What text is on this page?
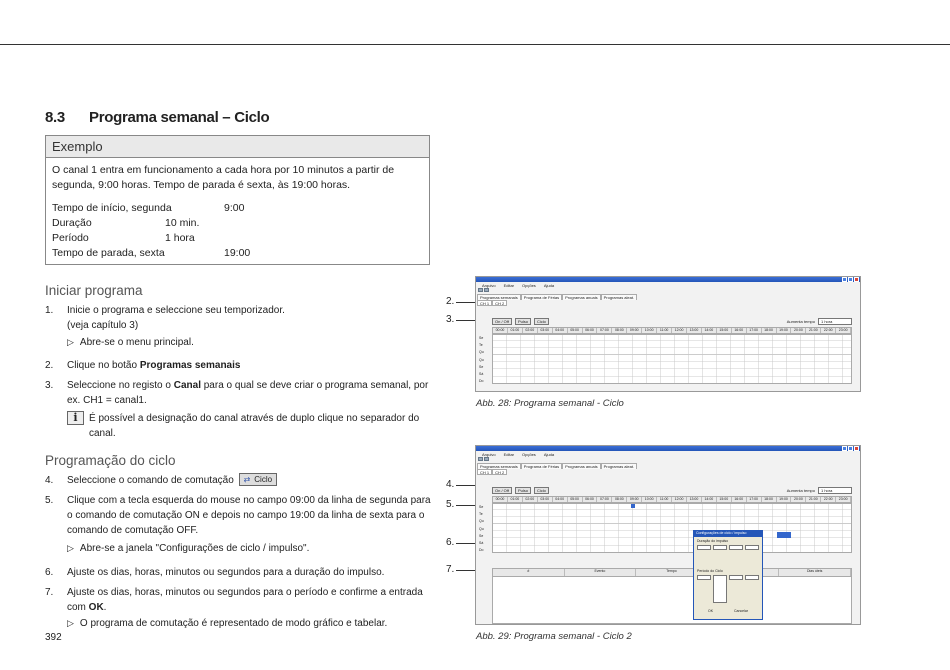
8.3 Programa semanal – Ciclo
Exemplo

O canal 1 entra em funcionamento a cada hora por 10 minutos a partir de segunda, 9:00 horas. Tempo de parada é sexta, às 19:00 horas.

Tempo de início, segunda	9:00
Duração	10 min.
Período	1 hora
Tempo de parada, sexta	19:00
Iniciar programa
1. Inicie o programa e seleccione seu temporizador.
(veja capítulo 3)
▷ Abre-se o menu principal.
2. Clique no botão Programas semanais
3. Seleccione no registo o Canal para o qual se deve criar o programa semanal, por ex. CH1 = canal1.
i	É possível a designação do canal através de duplo clique no separador do canal.
Programação do ciclo
4. Seleccione o comando de comutação ⇄ Ciclo
5. Clique com a tecla esquerda do mouse no campo 09:00 da linha de segunda para o comando de comutação ON e depois no campo 19:00 da linha de sexta para o comando de comutação OFF.
▷ Abre-se a janela "Configurações de ciclo / impulso".
6. Ajuste os dias, horas, minutos ou segundos para a duração do impulso.
7. Ajuste os dias, horas, minutos ou segundos para o período e confirme a entrada com OK.
▷ O programa de comutação é representado de modo gráfico e tabelar.
392
2.
3.
Arquivo Editar Opções Ajuda

Programas semanais	Programa de Férias	Programas anuais	Programas aleat.
CH 1	CH 2
On / Off	Pulso	Ciclo	Aumenta tempo	1 hora
00:00	01:00	02:00	03:00	04:00	05:00	06:00	07:00	08:00	09:00	10:00	11:00	12:00	13:00	14:00	15:00	16:00	17:00	18:00	19:00	20:00	21:00	22:00	23:00
Se
Te
Qu
Qu
Se
Sá
Do
Abb. 28: Programa semanal - Ciclo
4.
5.
6.
7.
Arquivo Editar Opções Ajuda

Programas semanais	Programa de Férias	Programas anuais	Programas aleat.
CH 1	CH 2
On / Off	Pulso	Ciclo	Aumenta tempo	1 hora
00:00	01:00	02:00	03:00	04:00	05:00	06:00	07:00	08:00	09:00	10:00	11:00	12:00	13:00	14:00	15:00	16:00	17:00	18:00	19:00	20:00	21:00	22:00	23:00
Se
Te
Qu
Qu
Se
Sá
Do
#	Evento	Tempo	Dias úteis
Configurações de ciclo / impulso
Duração do impulso
Período do Ciclo
OK	Cancelar
Abb. 29: Programa semanal - Ciclo 2
